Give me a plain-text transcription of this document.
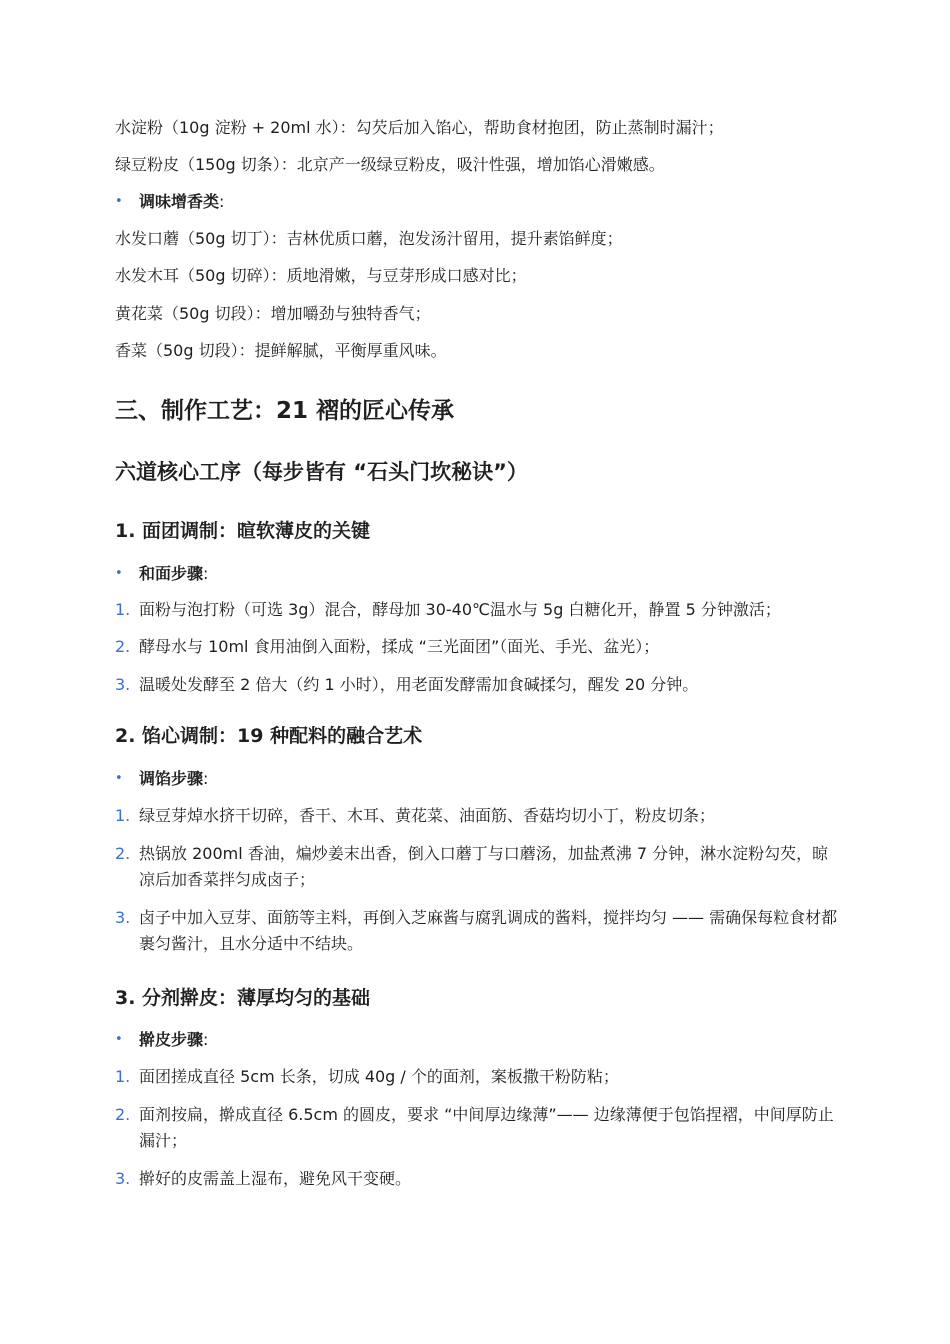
水淀粉（10g 淀粉 + 20ml 水）：勾芡后加入馅心，帮助食材抱团，防止蒸制时漏汁；
绿豆粉皮（150g 切条）：北京产一级绿豆粉皮，吸汁性强，增加馅心滑嫩感。
•	调味增香类:
水发口蘑（50g 切丁）：吉林优质口蘑，泡发汤汁留用，提升素馅鲜度；
水发木耳（50g 切碎）：质地滑嫩，与豆芽形成口感对比；
黄花菜（50g 切段）：增加嚼劲与独特香气；
香菜（50g 切段）：提鲜解腻，平衡厚重风味。
三、制作工艺：21 褶的匠心传承
六道核心工序（每步皆有 “石头门坎秘诀”）
1. 面团调制：暄软薄皮的关键
•	和面步骤:
1. 面粉与泡打粉（可选 3g）混合，酵母加 30-40℃温水与 5g 白糖化开，静置 5 分钟激活；
2. 酵母水与 10ml 食用油倒入面粉，揉成 “三光面团”（面光、手光、盆光）；
3. 温暖处发酵至 2 倍大（约 1 小时），用老面发酵需加食碱揉匀，醒发 20 分钟。
2. 馅心调制：19 种配料的融合艺术
•	调馅步骤:
1. 绿豆芽焯水挤干切碎，香干、木耳、黄花菜、油面筋、香菇均切小丁，粉皮切条；
2. 热锅放 200ml 香油，煸炒姜末出香，倒入口蘑丁与口蘑汤，加盐煮沸 7 分钟，淋水淀粉勾芡，晾凉后加香菜拌匀成卤子；
3. 卤子中加入豆芽、面筋等主料，再倒入芝麻酱与腐乳调成的酱料，搅拌均匀 —— 需确保每粒食材都裹匀酱汁，且水分适中不结块。
3. 分剂擀皮：薄厚均匀的基础
•	擀皮步骤:
1. 面团搓成直径 5cm 长条，切成 40g / 个的面剂，案板撒干粉防粘；
2. 面剂按扁，擀成直径 6.5cm 的圆皮，要求 “中间厚边缘薄”—— 边缘薄便于包馅捏褶，中间厚防止漏汁；
3. 擀好的皮需盖上湿布，避免风干变硬。
